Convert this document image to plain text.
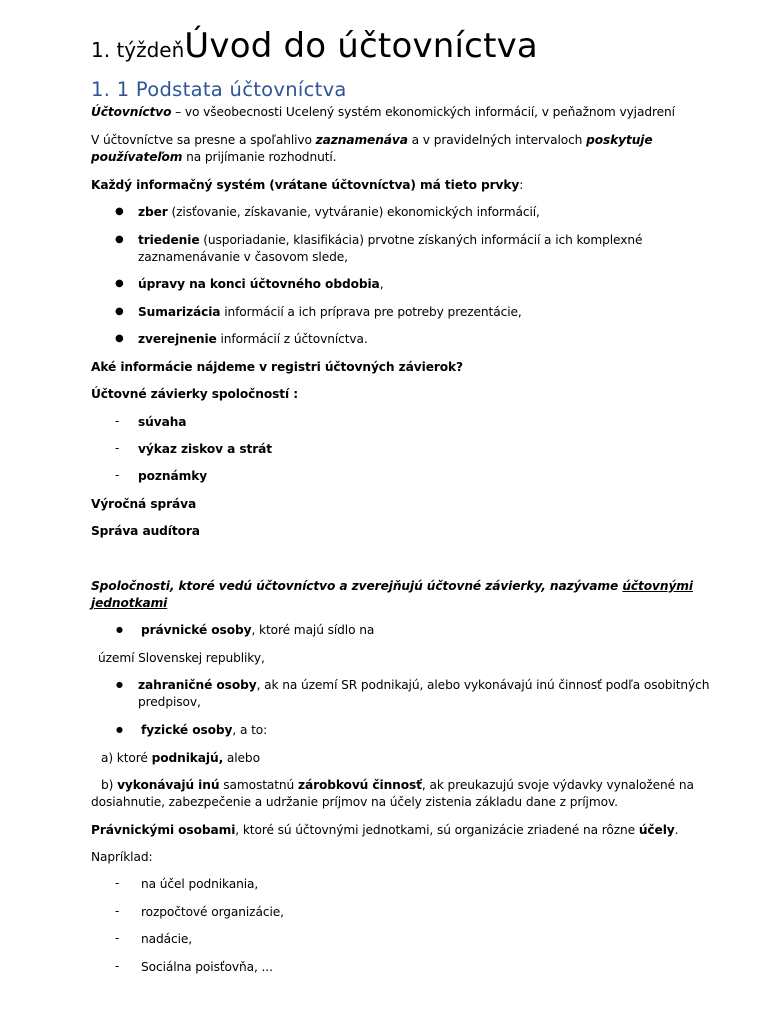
1. týždeňÚvod do účtovníctva
1. 1 Podstata účtovníctva
Účtovníctvo – vo všeobecnosti Ucelený systém ekonomických informácií, v peňažnom vyjadrení
V účtovníctve sa presne a spoľahlivo zaznamenáva a v pravidelných intervaloch poskytuje
používateľom na prijímanie rozhodnutí.
Každý informačný systém (vrátane účtovníctva) má tieto prvky:
● zber (zisťovanie, získavanie, vytváranie) ekonomických informácií,
● triedenie (usporiadanie, klasifikácia) prvotne získaných informácií a ich komplexné
zaznamenávanie v časovom slede,
● úpravy na konci účtovného obdobia,
● Sumarizácia informácií a ich príprava pre potreby prezentácie,
● zverejnenie informácií z účtovníctva.
Aké informácie nájdeme v registri účtovných závierok?
Účtovné závierky spoločností :
- súvaha
- výkaz ziskov a strát
- poznámky
Výročná správa
Správa audítora
Spoločnosti, ktoré vedú účtovníctvo a zverejňujú účtovné závierky, nazývame účtovnými
jednotkami
● právnické osoby, ktoré majú sídlo na
území Slovenskej republiky,
● zahraničné osoby, ak na území SR podnikajú, alebo vykonávajú inú činnosť podľa osobitných
predpisov,
● fyzické osoby, a to:
a) ktoré podnikajú, alebo
b) vykonávajú inú samostatnú zárobkovú činnosť, ak preukazujú svoje výdavky vynaložené na
dosiahnutie, zabezpečenie a udržanie príjmov na účely zistenia základu dane z príjmov.
Právnickými osobami, ktoré sú účtovnými jednotkami, sú organizácie zriadené na rôzne účely.
Napríklad:
- na účel podnikania,
- rozpočtové organizácie,
- nadácie,
- Sociálna poisťovňa, ...
